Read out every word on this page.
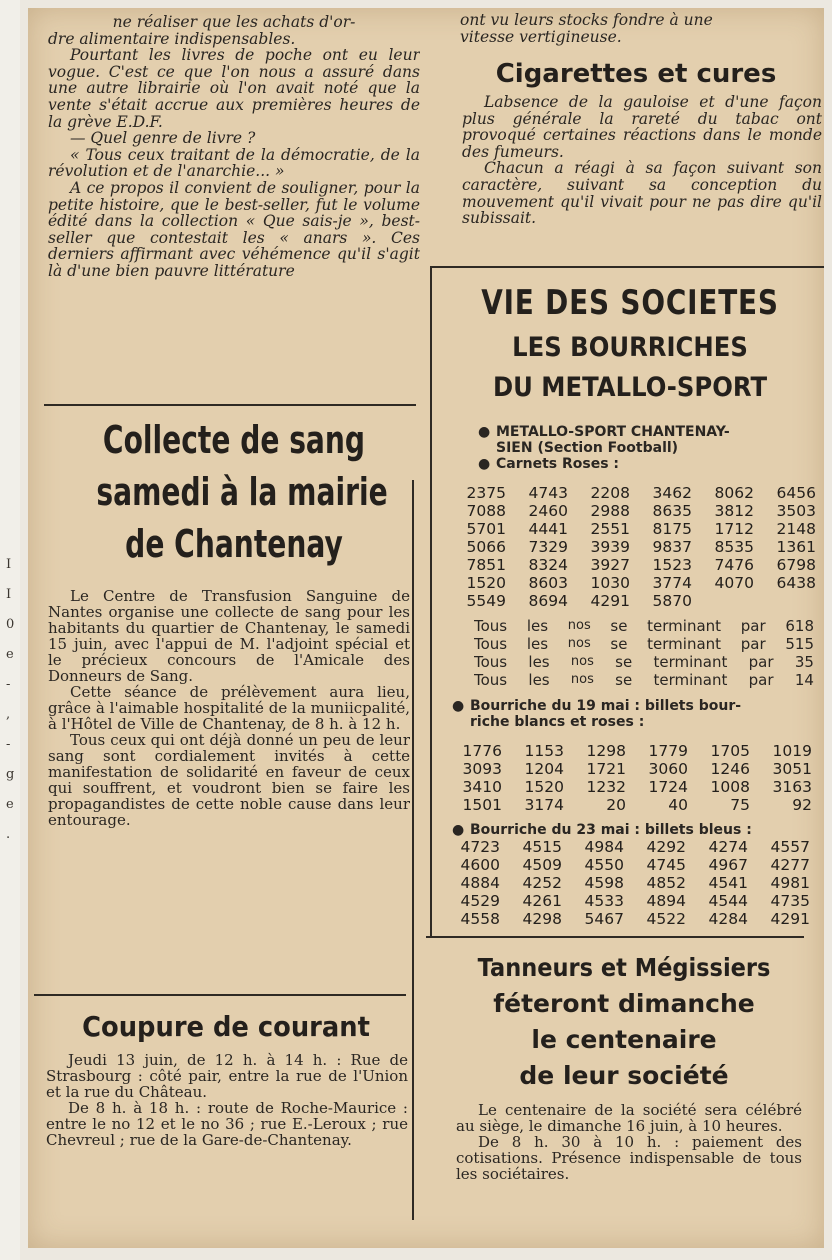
I
I
0
e
-
,
-
g
e
.

ne réaliser que les achats d'or-

dre alimentaire indispensables.

Pourtant les livres de poche ont eu leur vogue. C'est ce que l'on nous a assuré dans une autre librairie où l'on avait noté que la vente s'était accrue aux premières heures de la grève E.D.F.

— Quel genre de livre ?

« Tous ceux traitant de la démocratie, de la révolution et de l'anarchie... »

A ce propos il convient de souligner, pour la petite histoire, que le best-seller, fut le volume édité dans la collection « Que sais-je », best-seller que contestait les « anars ». Ces derniers affirmant avec véhémence qu'il s'agit là d'une bien pauvre littérature

Collecte de sang

samedi à la mairie

de Chantenay

Le Centre de Transfusion Sanguine de Nantes organise une collecte de sang pour les habitants du quartier de Chantenay, le samedi 15 juin, avec l'appui de M. l'adjoint spécial et le précieux concours de l'Amicale des Donneurs de Sang.

Cette séance de prélèvement aura lieu, grâce à l'aimable hospitalité de la muniicpalité, à l'Hôtel de Ville de Chantenay, de 8 h. à 12 h.

Tous ceux qui ont déjà donné un peu de leur sang sont cordialement invités à cette manifestation de solidarité en faveur de ceux qui souffrent, et voudront bien se faire les propagandistes de cette noble cause dans leur entourage.

Coupure de courant

Jeudi 13 juin, de 12 h. à 14 h. : Rue de Strasbourg : côté pair, entre la rue de l'Union et la rue du Château.

De 8 h. à 18 h. : route de Roche-Maurice : entre le no 12 et le no 36 ; rue E.-Leroux ; rue Chevreul ; rue de la Gare-de-Chantenay.

ont vu leurs stocks fondre à une

vitesse vertigineuse.

Cigarettes et cures

Labsence de la gauloise et d'une façon plus générale la rareté du tabac ont provoqué certaines réactions dans le monde des fumeurs.

Chacun a réagi à sa façon suivant son caractère, suivant sa conception du mouvement qu'il vivait pour ne pas dire qu'il subissait.

VIE DES SOCIETES

LES BOURRICHES

DU METALLO-SPORT

● METALLO-SPORT CHANTENAY-
SIEN (Section Football)
● Carnets Roses :
2375	4743	2208	3462	8062	6456
7088	2460	2988	8635	3812	3503
5701	4441	2551	8175	1712	2148
5066	7329	3939	9837	8535	1361
7851	8324	3927	1523	7476	6798
1520	8603	1030	3774	4070	6438
5549	8694	4291	5870
Tous les nos se terminant par 618
Tous les nos se terminant par 515
Tous les nos se terminant par 35
Tous les nos se terminant par 14
● Bourriche du 19 mai : billets bour-
riche blancs et roses :
1776	1153	1298	1779	1705	1019
3093	1204	1721	3060	1246	3051
3410	1520	1232	1724	1008	3163
1501	3174	20	40	75	92
● Bourriche du 23 mai : billets bleus :
4723	4515	4984	4292	4274	4557
4600	4509	4550	4745	4967	4277
4884	4252	4598	4852	4541	4981
4529	4261	4533	4894	4544	4735
4558	4298	5467	4522	4284	4291

Tanneurs et Mégissiers

féteront dimanche

le centenaire

de leur société

Le centenaire de la société sera célébré au siège, le dimanche 16 juin, à 10 heures.

De 8 h. 30 à 10 h. : paiement des cotisations. Présence indispensable de tous les sociétaires.
